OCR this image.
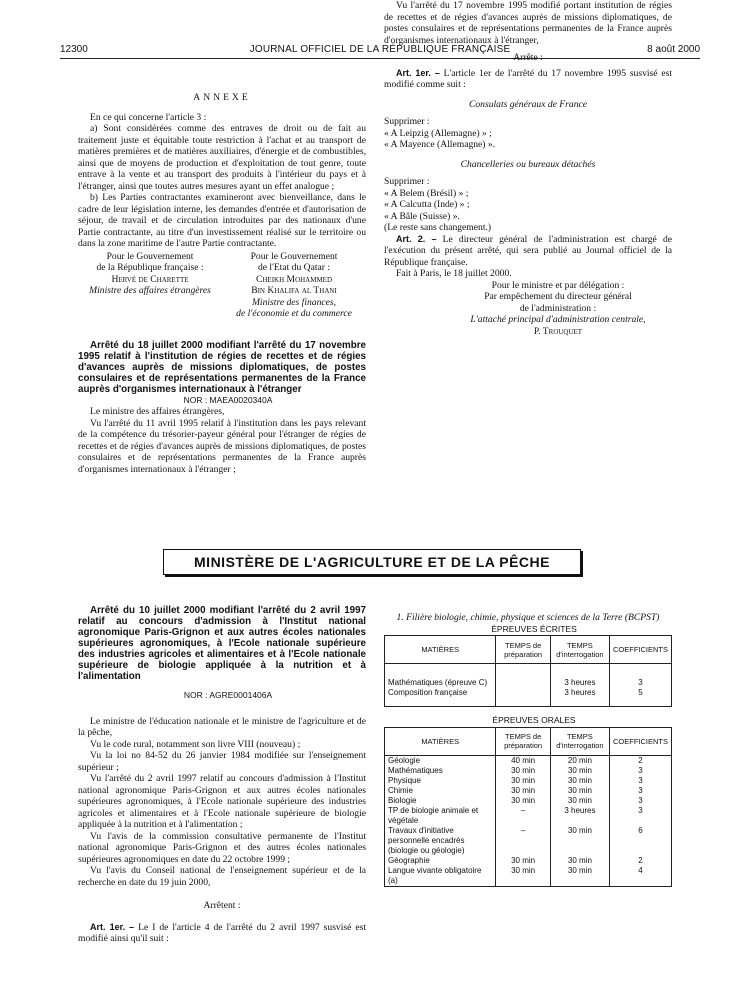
12300	JOURNAL OFFICIEL DE LA RÉPUBLIQUE FRANÇAISE	8 août 2000

ANNEXE

En ce qui concerne l'article 3 :

a) Sont considérées comme des entraves de droit ou de fait au traitement juste et équitable toute restriction à l'achat et au transport de matières premières et de matières auxiliaires, d'énergie et de combustibles, ainsi que de moyens de production et d'exploitation de tout genre, toute entrave à la vente et au transport des produits à l'intérieur du pays et à l'étranger, ainsi que toutes autres mesures ayant un effet analogue ;

b) Les Parties contractantes examineront avec bienveillance, dans le cadre de leur législation interne, les demandes d'entrée et d'autorisation de séjour, de travail et de circulation introduites par des nationaux d'une Partie contractante, au titre d'un investissement réalisé sur le territoire ou dans la zone maritime de l'autre Partie contractante.

Pour le Gouvernement
de la République française :
Hervé de Charette
Ministre des affaires étrangères
Pour le Gouvernement
de l'Etat du Qatar :
Cheikh Mohammed
Bin Khalifa al Thani
Ministre des finances,
de l'économie et du commerce

Arrêté du 18 juillet 2000 modifiant l'arrêté du 17 novembre 1995 relatif à l'institution de régies de recettes et de régies d'avances auprès de missions diplomatiques, de postes consulaires et de représentations permanentes de la France auprès d'organismes internationaux à l'étranger

NOR : MAEA0020340A

Le ministre des affaires étrangères,

Vu l'arrêté du 11 avril 1995 relatif à l'institution dans les pays relevant de la compétence du trésorier-payeur général pour l'étranger de régies de recettes et de régies d'avances auprès de missions diplomatiques, de postes consulaires et de représentations permanentes de la France auprès d'organismes internationaux à l'étranger ;

Vu l'arrêté du 17 novembre 1995 modifié portant institution de régies de recettes et de régies d'avances auprès de missions diplomatiques, de postes consulaires et de représentations permanentes de la France auprès d'organismes internationaux à l'étranger,

Arrête :

Art. 1er. – L'article 1er de l'arrêté du 17 novembre 1995 susvisé est modifié comme suit :

Consulats généraux de France

Supprimer :

« A Leipzig (Allemagne) » ;

« A Mayence (Allemagne) ».

Chancelleries ou bureaux détachés

Supprimer :

« A Belem (Brésil) » ;

« A Calcutta (Inde) » ;

« A Bâle (Suisse) ».

(Le reste sans changement.)

Art. 2. – Le directeur général de l'administration est chargé de l'exécution du présent arrêté, qui sera publié au Journal officiel de la République française.

Fait à Paris, le 18 juillet 2000.

Pour le ministre et par délégation :
Par empêchement du directeur général
de l'administration :
L'attaché principal d'administration centrale,
P. Trouquet
MINISTÈRE DE L'AGRICULTURE ET DE LA PÊCHE

Arrêté du 10 juillet 2000 modifiant l'arrêté du 2 avril 1997 relatif au concours d'admission à l'Institut national agronomique Paris-Grignon et aux autres écoles nationales supérieures agronomiques, à l'Ecole nationale supérieure des industries agricoles et alimentaires et à l'Ecole nationale supérieure de biologie appliquée à la nutrition et à l'alimentation

NOR : AGRE0001406A

Le ministre de l'éducation nationale et le ministre de l'agriculture et de la pêche,

Vu le code rural, notamment son livre VIII (nouveau) ;

Vu la loi no 84-52 du 26 janvier 1984 modifiée sur l'enseignement supérieur ;

Vu l'arrêté du 2 avril 1997 relatif au concours d'admission à l'Institut national agronomique Paris-Grignon et aux autres écoles nationales supérieures agronomiques, à l'Ecole nationale supérieure des industries agricoles et alimentaires et à l'Ecole nationale supérieure de biologie appliquée à la nutrition et à l'alimentation ;

Vu l'avis de la commission consultative permanente de l'Institut national agronomique Paris-Grignon et des autres écoles nationales supérieures agronomiques en date du 22 octobre 1999 ;

Vu l'avis du Conseil national de l'enseignement supérieur et de la recherche en date du 19 juin 2000,

Arrêtent :

Art. 1er. – Le I de l'article 4 de l'arrêté du 2 avril 1997 susvisé est modifié ainsi qu'il suit :

1. Filière biologie, chimie, physique et sciences de la Terre (BCPST)

ÉPREUVES ÉCRITES

MATIÈRES	TEMPS de préparation	TEMPS d'interrogation	COEFFICIENTS
Mathématiques (épreuve C)		3 heures	3
Composition française		3 heures	5

ÉPREUVES ORALES

MATIÈRES	TEMPS de préparation	TEMPS d'interrogation	COEFFICIENTS
Géologie	40 min	20 min	2
Mathématiques	30 min	30 min	3
Physique	30 min	30 min	3
Chimie	30 min	30 min	3
Biologie	30 min	30 min	3
TP de biologie animale et végétale	–	3 heures	3
Travaux d'initiative personnelle encadrés (biologie ou géologie)	–	30 min	6
Géographie	30 min	30 min	2
Langue vivante obligatoire (a)	30 min	30 min	4
